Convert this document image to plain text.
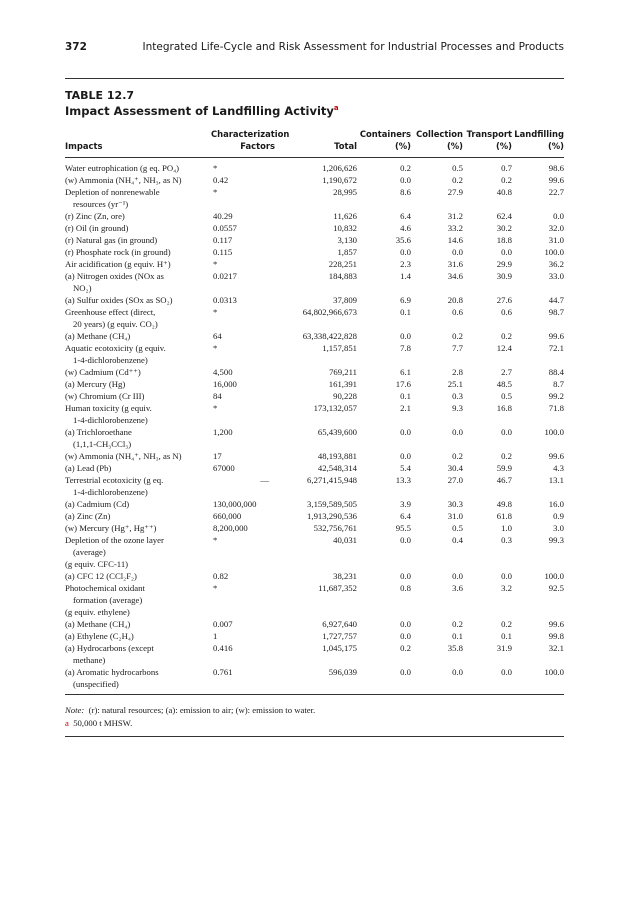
372	Integrated Life-Cycle and Risk Assessment for Industrial Processes and Products
TABLE 12.7
Impact Assessment of Landfilling Activity$^a$
	Characterization		Containers	Collection	Transport	Landfilling
Impacts	Factors	Total	(%)	(%)	(%)	(%)

Water eutrophication (g eq. PO₄)	*	1,206,626	0.2	0.5	0.7	98.6

(w) Ammonia (NH₄⁺, NH₃, as N)	0.42	1,190,672	0.0	0.2	0.2	99.6

Depletion of nonrenewable
resources (yr⁻¹)	*	28,995	8.6	27.9	40.8	22.7

(r) Zinc (Zn, ore)	40.29	11,626	6.4	31.2	62.4	0.0

(r) Oil (in ground)	0.0557	10,832	4.6	33.2	30.2	32.0

(r) Natural gas (in ground)	0.117	3,130	35.6	14.6	18.8	31.0

(r) Phosphate rock (in ground)	0.115	1,857	0.0	0.0	0.0	100.0

Air acidification (g equiv. H⁺)	*	228,251	2.3	31.6	29.9	36.2

(a) Nitrogen oxides (NOx as
NO₂)	0.0217	184,883	1.4	34.6	30.9	33.0

(a) Sulfur oxides (SOx as SO₂)	0.0313	37,809	6.9	20.8	27.6	44.7

Greenhouse effect (direct,
20 years) (g equiv. CO₂)	*	64,802,966,673	0.1	0.6	0.6	98.7

(a) Methane (CH₄)	64	63,338,422,828	0.0	0.2	0.2	99.6

Aquatic ecotoxicity (g equiv.
1-4-dichlorobenzene)	*	1,157,851	7.8	7.7	12.4	72.1

(w) Cadmium (Cd⁺⁺)	4,500	769,211	6.1	2.8	2.7	88.4

(a) Mercury (Hg)	16,000	161,391	17.6	25.1	48.5	8.7

(w) Chromium (Cr III)	84	90,228	0.1	0.3	0.5	99.2

Human toxicity (g equiv.
1-4-dichlorobenzene)	*	173,132,057	2.1	9.3	16.8	71.8

(a) Trichloroethane
(1,1,1-CH₃CCl₃)	1,200	65,439,600	0.0	0.0	0.0	100.0

(w) Ammonia (NH₄⁺, NH₃, as N)	17	48,193,881	0.0	0.2	0.2	99.6

(a) Lead (Pb)	67000	42,548,314	5.4	30.4	59.9	4.3

Terrestrial ecotoxicity (g eq.
1-4-dichlorobenzene)	—	6,271,415,948	13.3	27.0	46.7	13.1

(a) Cadmium (Cd)	130,000,000	3,159,589,505	3.9	30.3	49.8	16.0

(a) Zinc (Zn)	660,000	1,913,290,536	6.4	31.0	61.8	0.9

(w) Mercury (Hg⁺, Hg⁺⁺)	8,200,000	532,756,761	95.5	0.5	1.0	3.0

Depletion of the ozone layer
(average)	*	40,031	0.0	0.4	0.3	99.3

(g equiv. CFC-11)						

(a) CFC 12 (CCl₂F₂)	0.82	38,231	0.0	0.0	0.0	100.0

Photochemical oxidant
formation (average)	*	11,687,352	0.8	3.6	3.2	92.5

(g equiv. ethylene)						

(a) Methane (CH₄)	0.007	6,927,640	0.0	0.2	0.2	99.6

(a) Ethylene (C₂H₄)	1	1,727,757	0.0	0.1	0.1	99.8

(a) Hydrocarbons (except
methane)	0.416	1,045,175	0.2	35.8	31.9	32.1

(a) Aromatic hydrocarbons
(unspecified)	0.761	596,039	0.0	0.0	0.0	100.0
Note: (r): natural resources; (a): emission to air; (w): emission to water.
a 50,000 t MHSW.
